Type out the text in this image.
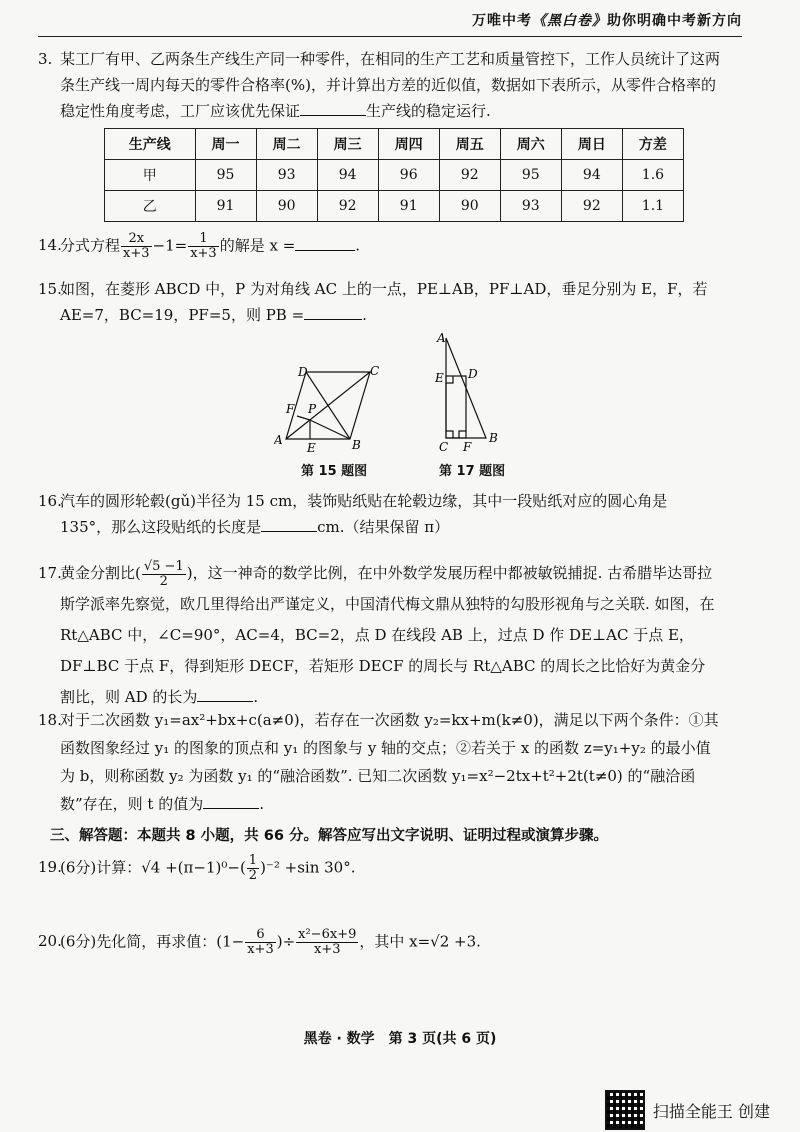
万唯中考《黑白卷》助你明确中考新方向
3. 某工厂有甲、乙两条生产线生产同一种零件，在相同的生产工艺和质量管控下，工作人员统计了这两条生产线一周内每天的零件合格率(%)，并计算出方差的近似值，数据如下表所示，从零件合格率的稳定性角度考虑，工厂应该优先保证	生产线的稳定运行.
生产线	周一	周二	周三	周四	周五	周六	周日	方差
甲	95	93	94	96	92	95	94	1.6
乙	91	90	92	91	90	93	92	1.1
14.
分式方程 $\frac{2x}{x+3} -1= \frac{1}{x+3}$ 的解是 x =	.
15.
如图，在菱形 ABCD 中，P 为对角线 AC 上的一点，PE⊥AB，PF⊥AD，垂足分别为 E，F，若 AE=7，BC=19，PF=5，则 PB =	.
A	B
C
D
E
F P
第 15 题图
A
E D
C F
B
第 17 题图
16.
汽车的圆形轮毂(gǔ)半径为 15 cm，装饰贴纸贴在轮毂边缘，其中一段贴纸对应的圆心角是 135°，那么这段贴纸的长度是	cm.（结果保留 π）
17.
黄金分割比( $\frac{√5 -1}{2}$ )，这一神奇的数学比例，在中外数学发展历程中都被敏锐捕捉. 古希腊毕达哥拉斯学派率先察觉，欧几里得给出严谨定义，中国清代梅文鼎从独特的勾股形视角与之关联. 如图，在 Rt△ABC 中，∠C=90°，AC=4，BC=2，点 D 在线段 AB 上，过点 D 作 DE⊥AC 于点 E，DF⊥BC 于点 F，得到矩形 DECF，若矩形 DECF 的周长与 Rt△ABC 的周长之比恰好为黄金分割比，则 AD 的长为	.
18.
对于二次函数 y₁=ax²+bx+c(a≠0)，若存在一次函数 y₂=kx+m(k≠0)，满足以下两个条件：①其函数图象经过 y₁ 的图象的顶点和 y₁ 的图象与 y 轴的交点；②若关于 x 的函数 z=y₁+y₂ 的最小值为 b，则称函数 y₂ 为函数 y₁ 的“融洽函数”. 已知二次函数 y₁=x²−2tx+t²+2t(t≠0) 的“融洽函数”存在，则 t 的值为	.
三、解答题：本题共 8 小题，共 66 分。解答应写出文字说明、证明过程或演算步骤。
19.
(6分)计算：$√4 +(\pi-1)^0-( \frac{1}{2} )^{-2} +\sin$ 30°.
20.
(6分)先化简，再求值：($1- \frac{6}{x+3}$ )÷ $\frac{\text{x²−6x+9}}{x+3}$ ，其中 x=√2 +3.
黑卷 · 数学　第 3 页(共 6 页)
扫描全能王 创建
